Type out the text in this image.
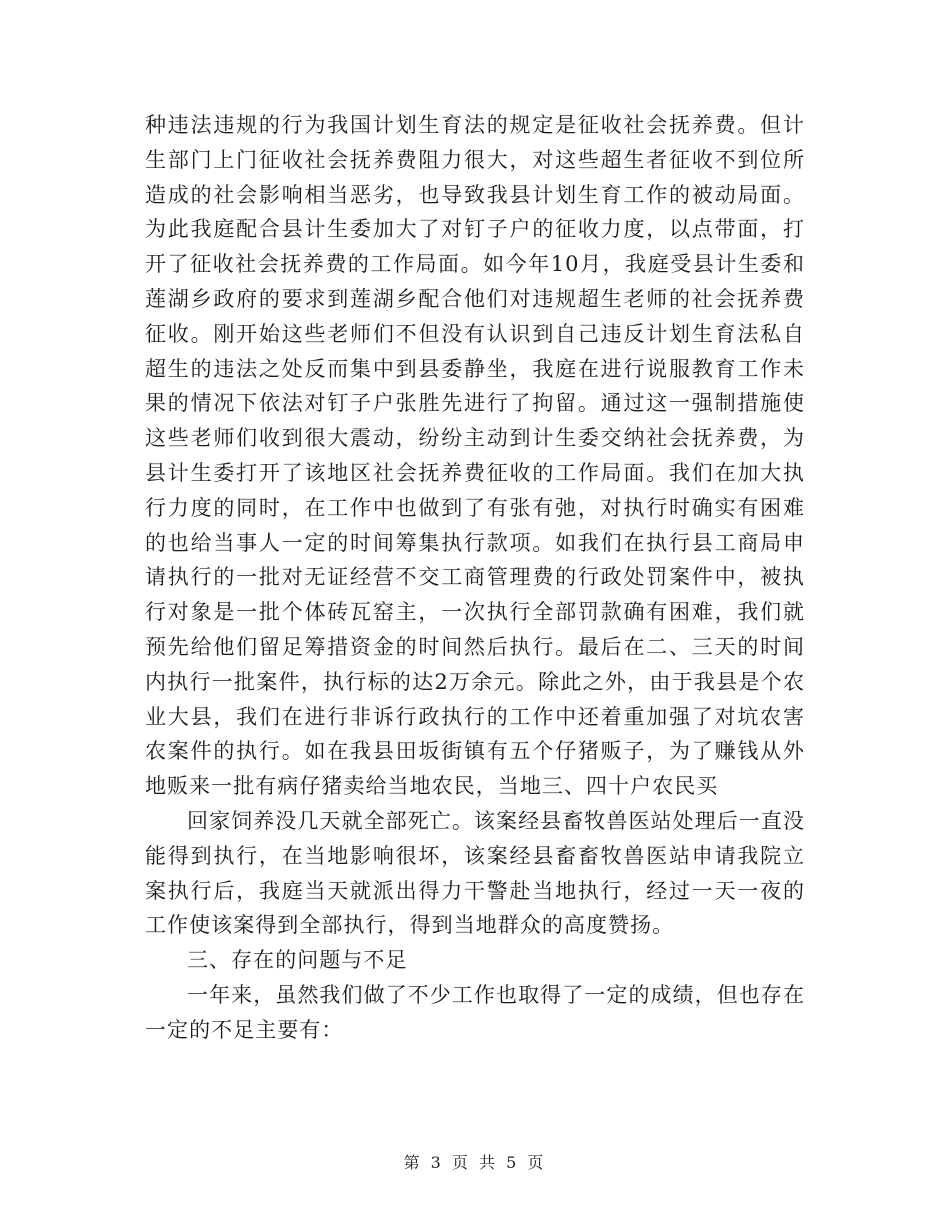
种违法违规的行为我国计划生育法的规定是征收社会抚养费。但计生部门上门征收社会抚养费阻力很大，对这些超生者征收不到位所造成的社会影响相当恶劣，也导致我县计划生育工作的被动局面。为此我庭配合县计生委加大了对钉子户的征收力度，以点带面，打开了征收社会抚养费的工作局面。如今年10月，我庭受县计生委和莲湖乡政府的要求到莲湖乡配合他们对违规超生老师的社会抚养费征收。刚开始这些老师们不但没有认识到自己违反计划生育法私自超生的违法之处反而集中到县委静坐，我庭在进行说服教育工作未果的情况下依法对钉子户张胜先进行了拘留。通过这一强制措施使这些老师们收到很大震动，纷纷主动到计生委交纳社会抚养费，为县计生委打开了该地区社会抚养费征收的工作局面。我们在加大执行力度的同时，在工作中也做到了有张有弛，对执行时确实有困难的也给当事人一定的时间筹集执行款项。如我们在执行县工商局申请执行的一批对无证经营不交工商管理费的行政处罚案件中，被执行对象是一批个体砖瓦窑主，一次执行全部罚款确有困难，我们就预先给他们留足筹措资金的时间然后执行。最后在二、三天的时间内执行一批案件，执行标的达2万余元。除此之外，由于我县是个农业大县，我们在进行非诉行政执行的工作中还着重加强了对坑农害农案件的执行。如在我县田坂街镇有五个仔猪贩子，为了赚钱从外地贩来一批有病仔猪卖给当地农民，当地三、四十户农民买

回家饲养没几天就全部死亡。该案经县畜牧兽医站处理后一直没能得到执行，在当地影响很坏，该案经县畜畜牧兽医站申请我院立案执行后，我庭当天就派出得力干警赴当地执行，经过一天一夜的工作使该案得到全部执行，得到当地群众的高度赞扬。

三、存在的问题与不足

一年来，虽然我们做了不少工作也取得了一定的成绩，但也存在一定的不足主要有：

第 3 页 共 5 页
